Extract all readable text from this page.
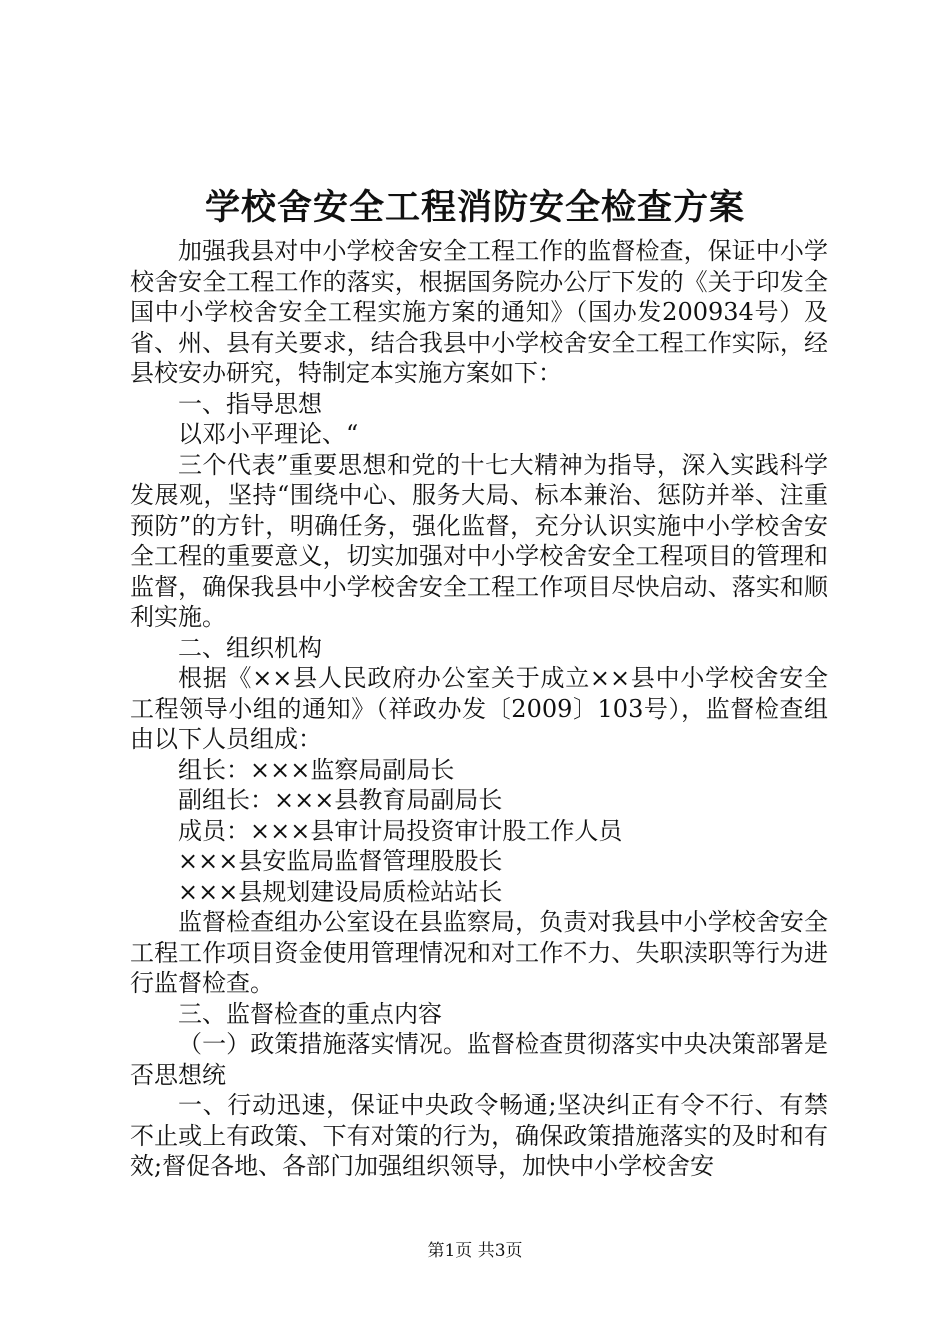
学校舍安全工程消防安全检查方案

加强我县对中小学校舍安全工程工作的监督检查，保证中小学校舍安全工程工作的落实，根据国务院办公厅下发的《关于印发全国中小学校舍安全工程实施方案的通知》（国办发200934号）及省、州、县有关要求，结合我县中小学校舍安全工程工作实际，经县校安办研究，特制定本实施方案如下：

一、指导思想

以邓小平理论、“

三个代表”重要思想和党的十七大精神为指导，深入实践科学发展观，坚持“围绕中心、服务大局、标本兼治、惩防并举、注重预防”的方针，明确任务，强化监督，充分认识实施中小学校舍安全工程的重要意义，切实加强对中小学校舍安全工程项目的管理和监督，确保我县中小学校舍安全工程工作项目尽快启动、落实和顺利实施。

二、组织机构

根据《××县人民政府办公室关于成立××县中小学校舍安全工程领导小组的通知》（祥政办发〔2009〕103号），监督检查组由以下人员组成：

组长：×××监察局副局长

副组长：×××县教育局副局长

成员：×××县审计局投资审计股工作人员

×××县安监局监督管理股股长

×××县规划建设局质检站站长

监督检查组办公室设在县监察局，负责对我县中小学校舍安全工程工作项目资金使用管理情况和对工作不力、失职渎职等行为进行监督检查。

三、监督检查的重点内容

（一）政策措施落实情况。监督检查贯彻落实中央决策部署是否思想统

一、行动迅速，保证中央政令畅通;坚决纠正有令不行、有禁不止或上有政策、下有对策的行为，确保政策措施落实的及时和有效;督促各地、各部门加强组织领导，加快中小学校舍安

第1页 共3页
